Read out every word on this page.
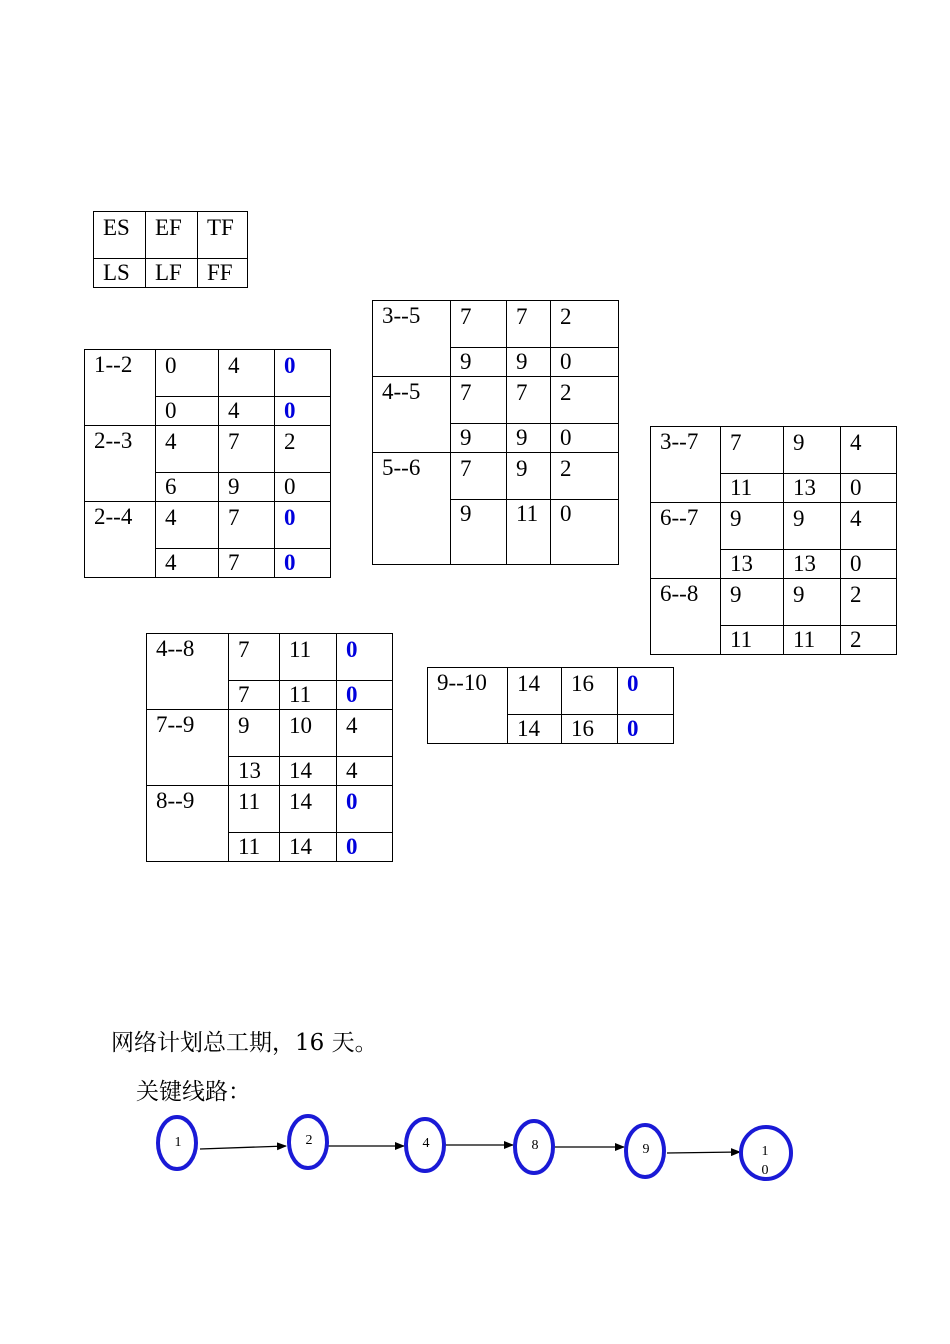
ES	EF	TF
LS	LF	FF
1--2	0	4	0
	0	4	0
2--3	4	7	2
	6	9	0
2--4	4	7	0
	4	7	0
3--5	7	7	2
	9	9	0
4--5	7	7	2
	9	9	0
5--6	7	9	2
	9	11	0
3--7	7	9	4
	11	13	0
6--7	9	9	4
	13	13	0
6--8	9	9	2
	11	11	2
4--8	7	11	0
	7	11	0
7--9	9	10	4
	13	14	4
8--9	11	14	0
	11	14	0
9--10	14	16	0
	14	16	0
网络计划总工期，16 天。
关键线路：
1	2	4	8	9	1
0
